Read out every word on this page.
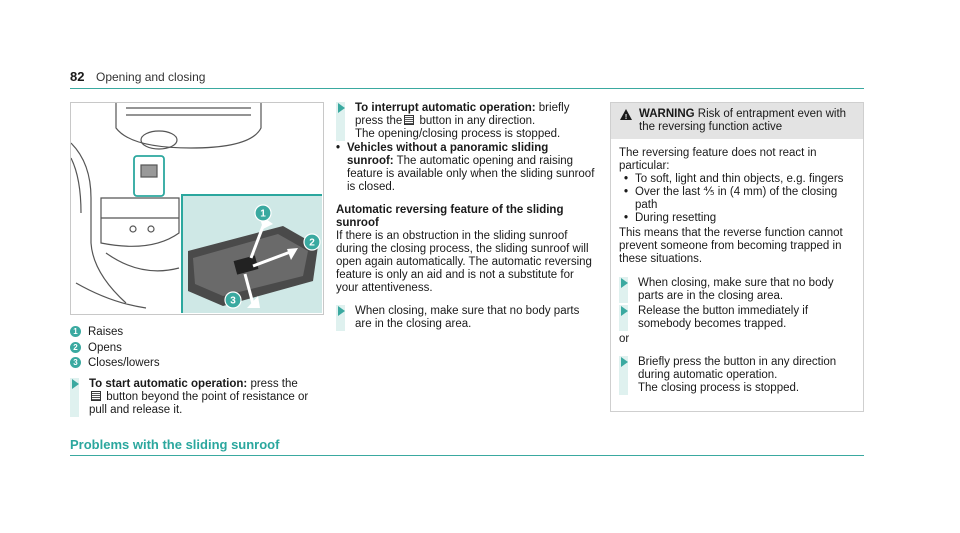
82 Opening and closing
1
2
3
1 Raises
2 Opens
3 Closes/lowers
To start automatic operation: press the
button beyond the point of resistance or pull and release it.
To interrupt automatic operation: briefly press the button in any direction.
The opening/closing process is stopped.
• Vehicles without a panoramic sliding sunroof: The automatic opening and raising feature is available only when the sliding sunroof is closed.
Automatic reversing feature of the sliding sunroof
If there is an obstruction in the sliding sunroof during the closing process, the sliding sunroof will open again automatically. The automatic reversing feature is only an aid and is not a substitute for your attentiveness.
When closing, make sure that no body parts are in the closing area.
! WARNING Risk of entrapment even with the reversing function active
The reversing feature does not react in particular:
• To soft, light and thin objects, e.g. fingers
• Over the last ⅘ in (4 mm) of the closing path
• During resetting
This means that the reverse function cannot prevent someone from becoming trapped in these situations.
When closing, make sure that no body parts are in the closing area.
Release the button immediately if somebody becomes trapped.
or
Briefly press the button in any direction during automatic operation.
The closing process is stopped.
Problems with the sliding sunroof
